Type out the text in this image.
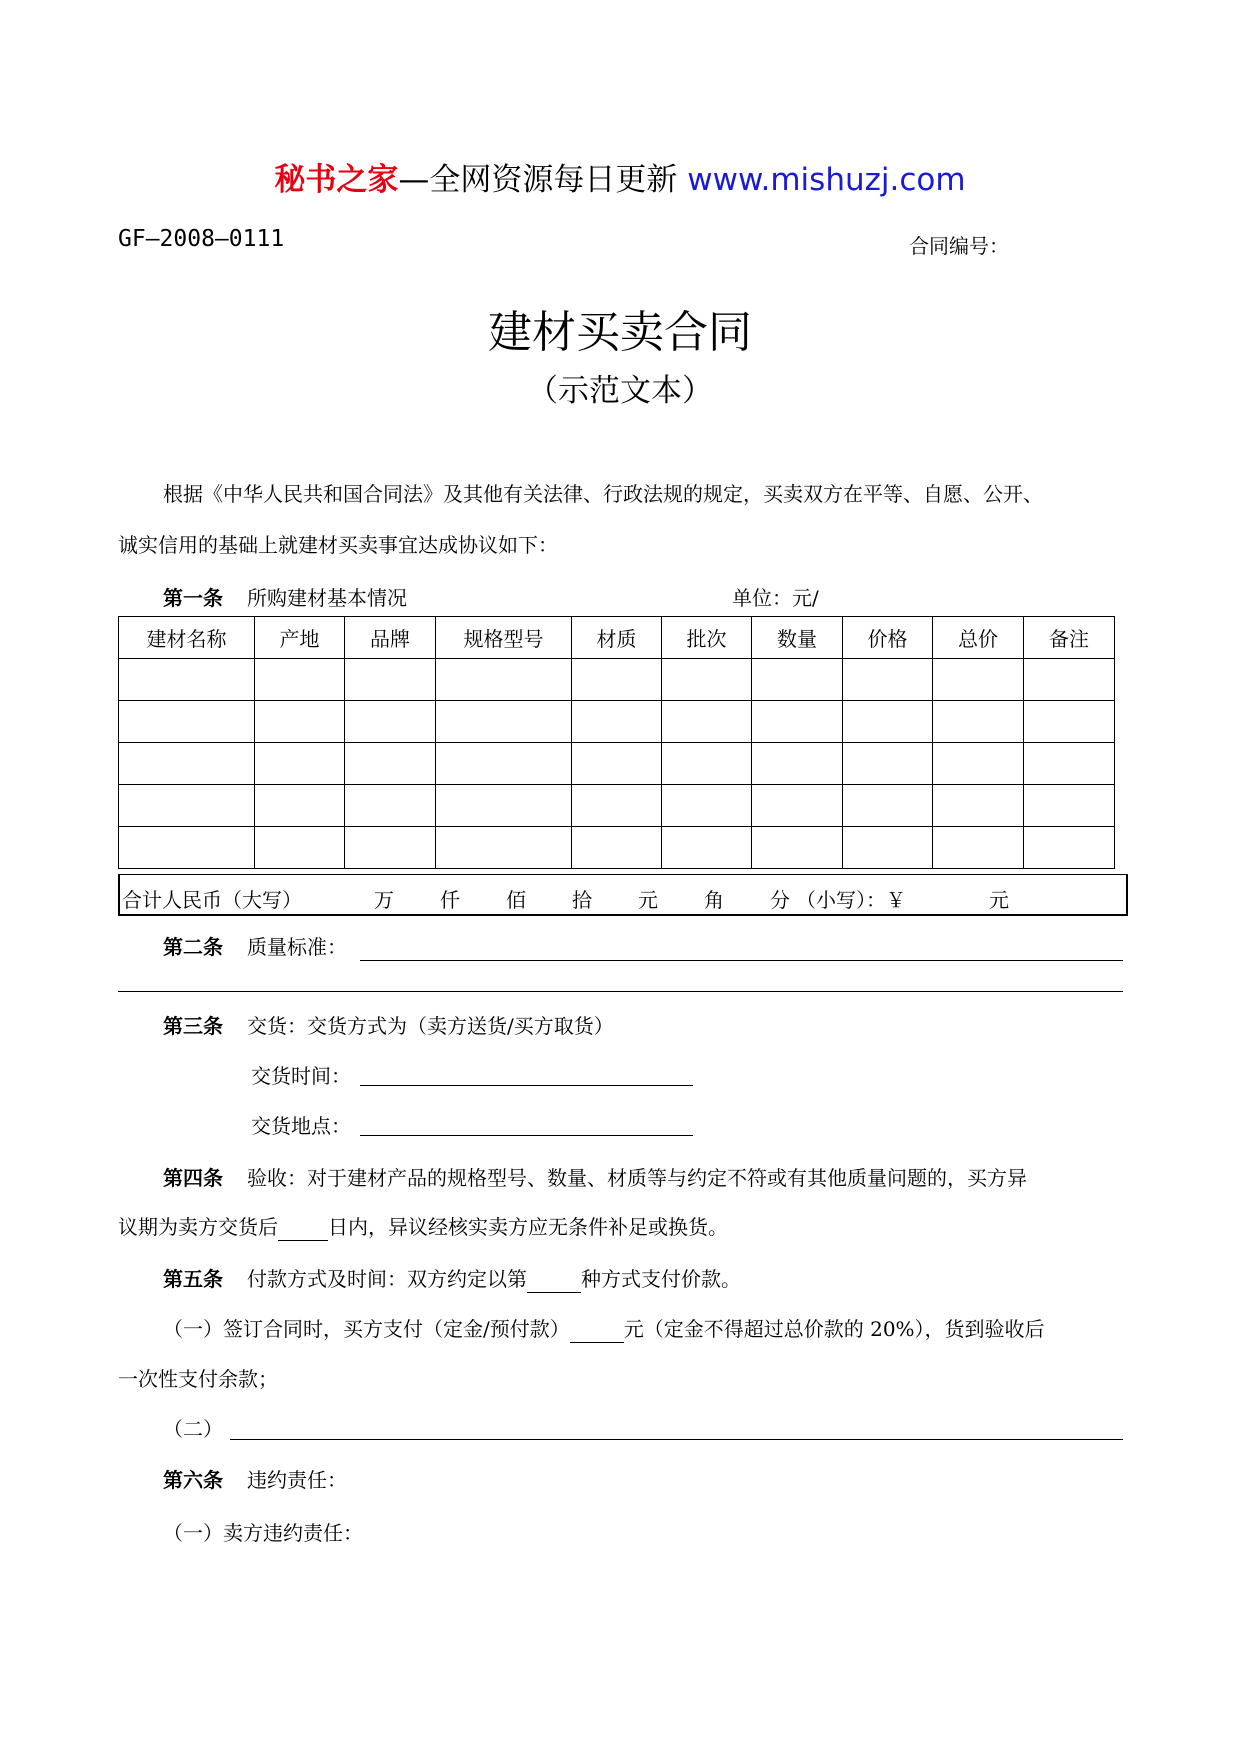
秘书之家—全网资源每日更新 www.mishuzj.com
GF—2008—0111	合同编号：
建材买卖合同
（示范文本）
根据《中华人民共和国合同法》及其他有关法律、行政法规的规定，买卖双方在平等、自愿、公开、
诚实信用的基础上就建材买卖事宜达成协议如下：
第一条 所购建材基本情况	单位：元/
建材名称	产地	品牌	规格型号	材质	批次	数量	价格	总价	备注

合计人民币（大写）	万 仟 佰 拾 元 角 分 （小写）：￥	元
第二条 质量标准：
第三条 交货：交货方式为（卖方送货/买方取货）
交货时间：
交货地点：
第四条 验收：对于建材产品的规格型号、数量、材质等与约定不符或有其他质量问题的，买方异
议期为卖方交货后	日内，异议经核实卖方应无条件补足或换货。
第五条 付款方式及时间：双方约定以第	种方式支付价款。
（一）签订合同时，买方支付（定金/预付款）	元（定金不得超过总价款的 20%），货到验收后
一次性支付余款；
（二）
第六条 违约责任：
（一）卖方违约责任：
